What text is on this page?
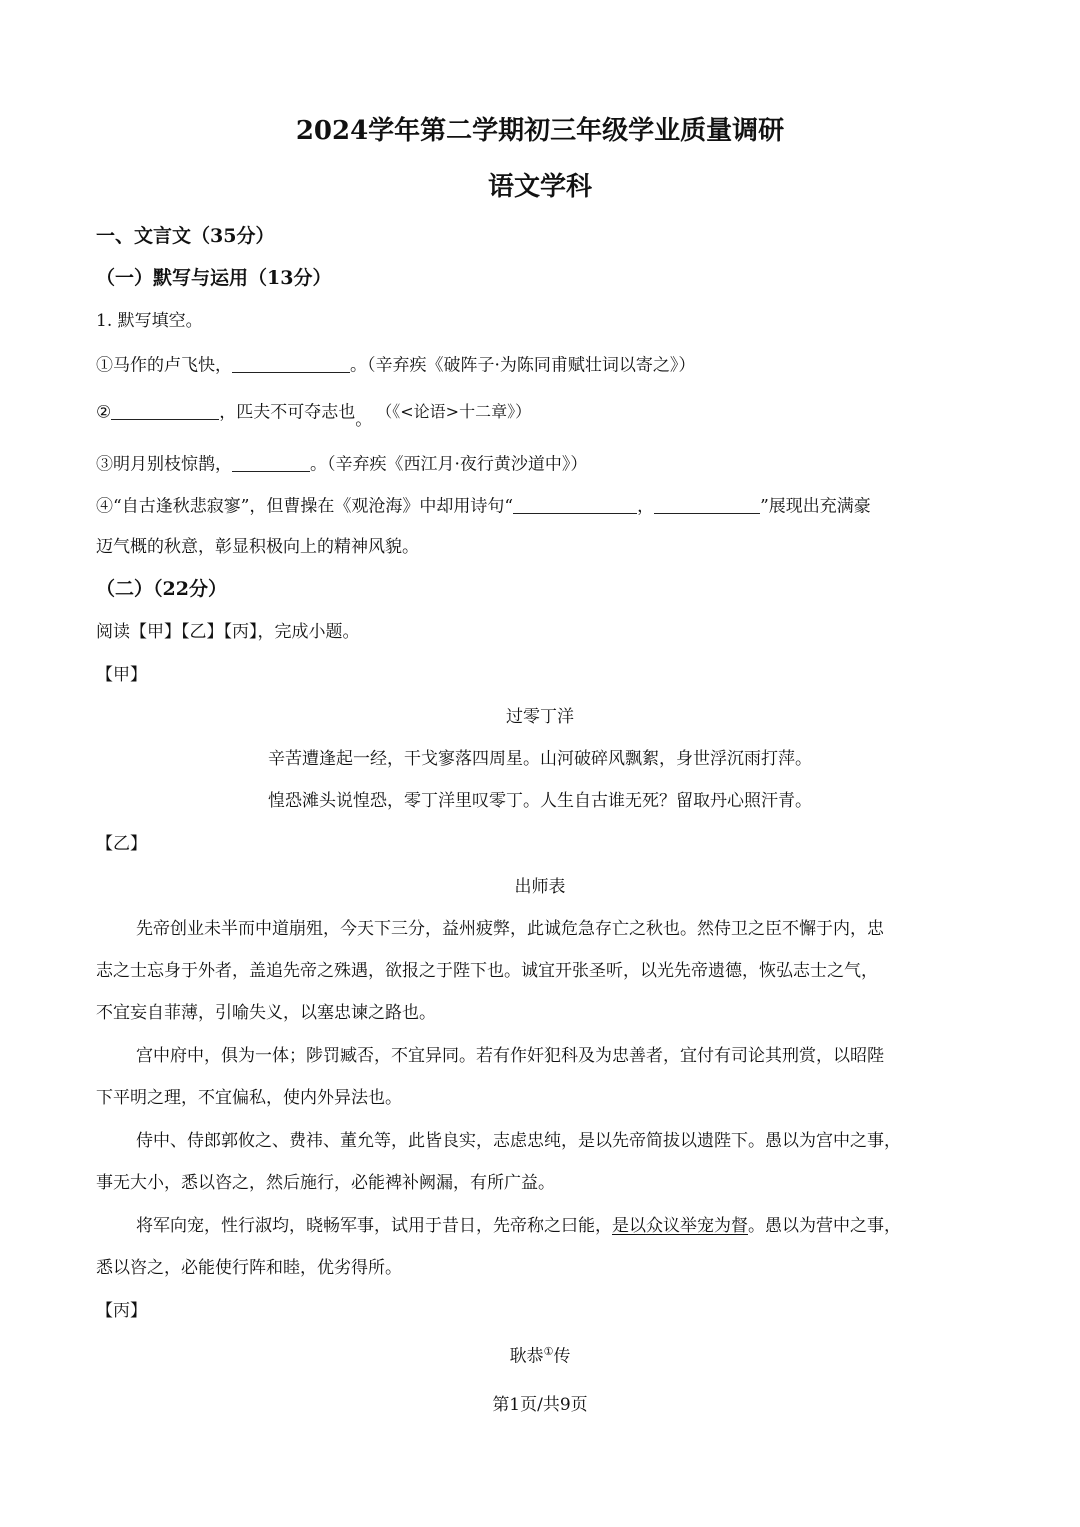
2024学年第二学期初三年级学业质量调研
语文学科
一、文言文（35分）
（一）默写与运用（13分）
1. 默写填空。
①马作的卢飞快，	。（辛弃疾《破阵子·为陈同甫赋壮词以寄之》）
②	，匹夫不可夺志也。 （《<论语>十二章》）
③明月别枝惊鹊，	。（辛弃疾《西江月·夜行黄沙道中》）
④“自古逢秋悲寂寥”，但曹操在《观沧海》中却用诗句“	，	”展现出充满豪
迈气概的秋意，彰显积极向上的精神风貌。
（二）（22分）
阅读【甲】【乙】【丙】，完成小题。
【甲】
过零丁洋
辛苦遭逢起一经，干戈寥落四周星。山河破碎风飘絮，身世浮沉雨打萍。
惶恐滩头说惶恐，零丁洋里叹零丁。人生自古谁无死？留取丹心照汗青。
【乙】
出师表
先帝创业未半而中道崩殂，今天下三分，益州疲弊，此诚危急存亡之秋也。然侍卫之臣不懈于内，忠
志之士忘身于外者，盖追先帝之殊遇，欲报之于陛下也。诚宜开张圣听，以光先帝遗德，恢弘志士之气，
不宜妄自菲薄，引喻失义，以塞忠谏之路也。
宫中府中，俱为一体；陟罚臧否，不宜异同。若有作奸犯科及为忠善者，宜付有司论其刑赏，以昭陛
下平明之理，不宜偏私，使内外异法也。
侍中、侍郎郭攸之、费祎、董允等，此皆良实，志虑忠纯，是以先帝简拔以遗陛下。愚以为宫中之事，
事无大小，悉以咨之，然后施行，必能裨补阙漏，有所广益。
将军向宠，性行淑均，晓畅军事，试用于昔日，先帝称之曰能，是以众议举宠为督。愚以为营中之事，
悉以咨之，必能使行阵和睦，优劣得所。
【丙】
耿恭①传
第1页/共9页
